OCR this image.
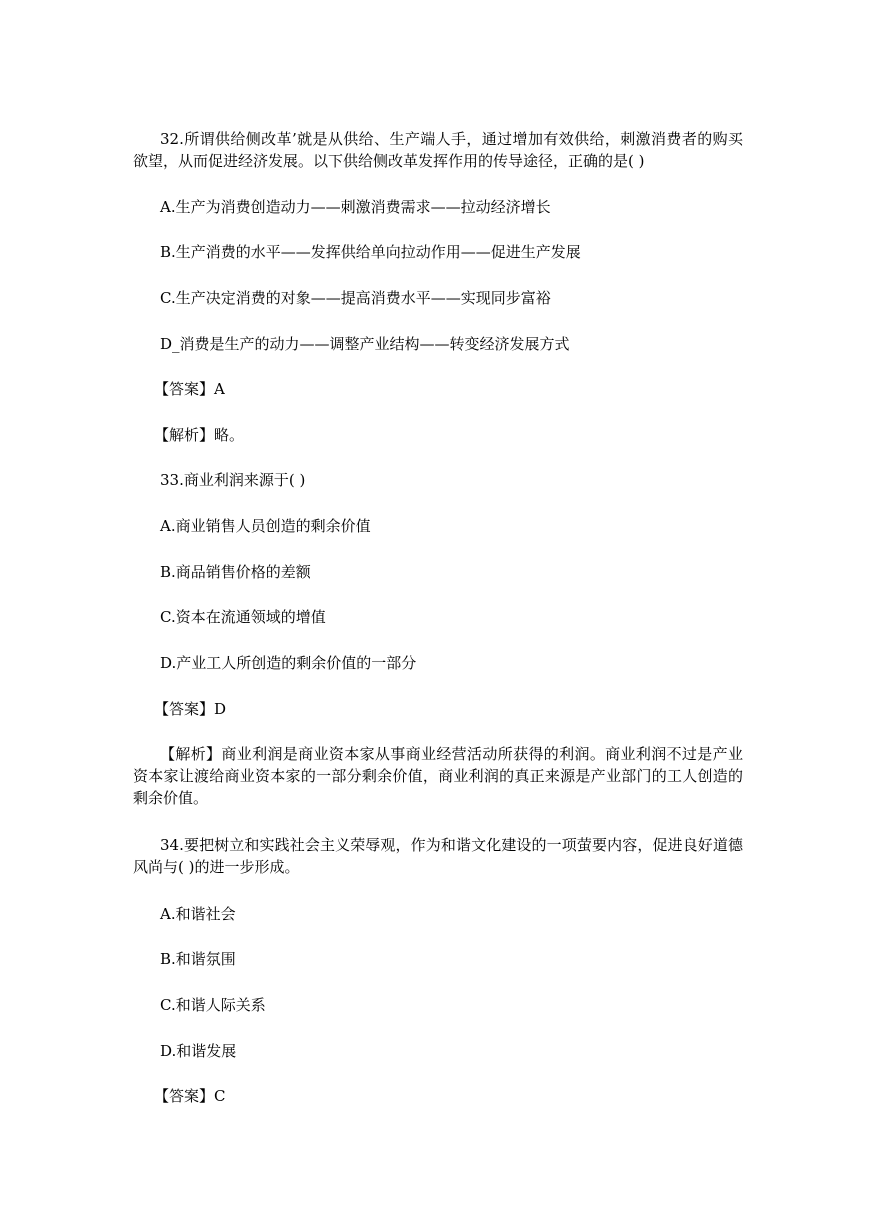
32.所谓供给侧改革’就是从供给、生产端人手，通过增加有效供给，刺激消费者的购买欲望，从而促进经济发展。以下供给侧改革发挥作用的传导途径，正确的是( )
A.生产为消费创造动力——刺激消费需求——拉动经济增长
B.生产消费的水平——发挥供给单向拉动作用——促进生产发展
C.生产决定消费的对象——提高消费水平——实现同步富裕
D_消费是生产的动力——调整产业结构——转变经济发展方式
【答案】A
【解析】略。
33.商业利润来源于( )
A.商业销售人员创造的剩余价值
B.商品销售价格的差额
C.资本在流通领域的增值
D.产业工人所创造的剩余价值的一部分
【答案】D
【解析】商业利润是商业资本家从事商业经营活动所获得的利润。商业利润不过是产业资本家让渡给商业资本家的一部分剩余价值，商业利润的真正来源是产业部门的工人创造的剩余价值。
34.要把树立和实践社会主义荣辱观，作为和谐文化建设的一项萤要内容，促进良好道德风尚与( )的进一步形成。
A.和谐社会
B.和谐氛围
C.和谐人际关系
D.和谐发展
【答案】C
